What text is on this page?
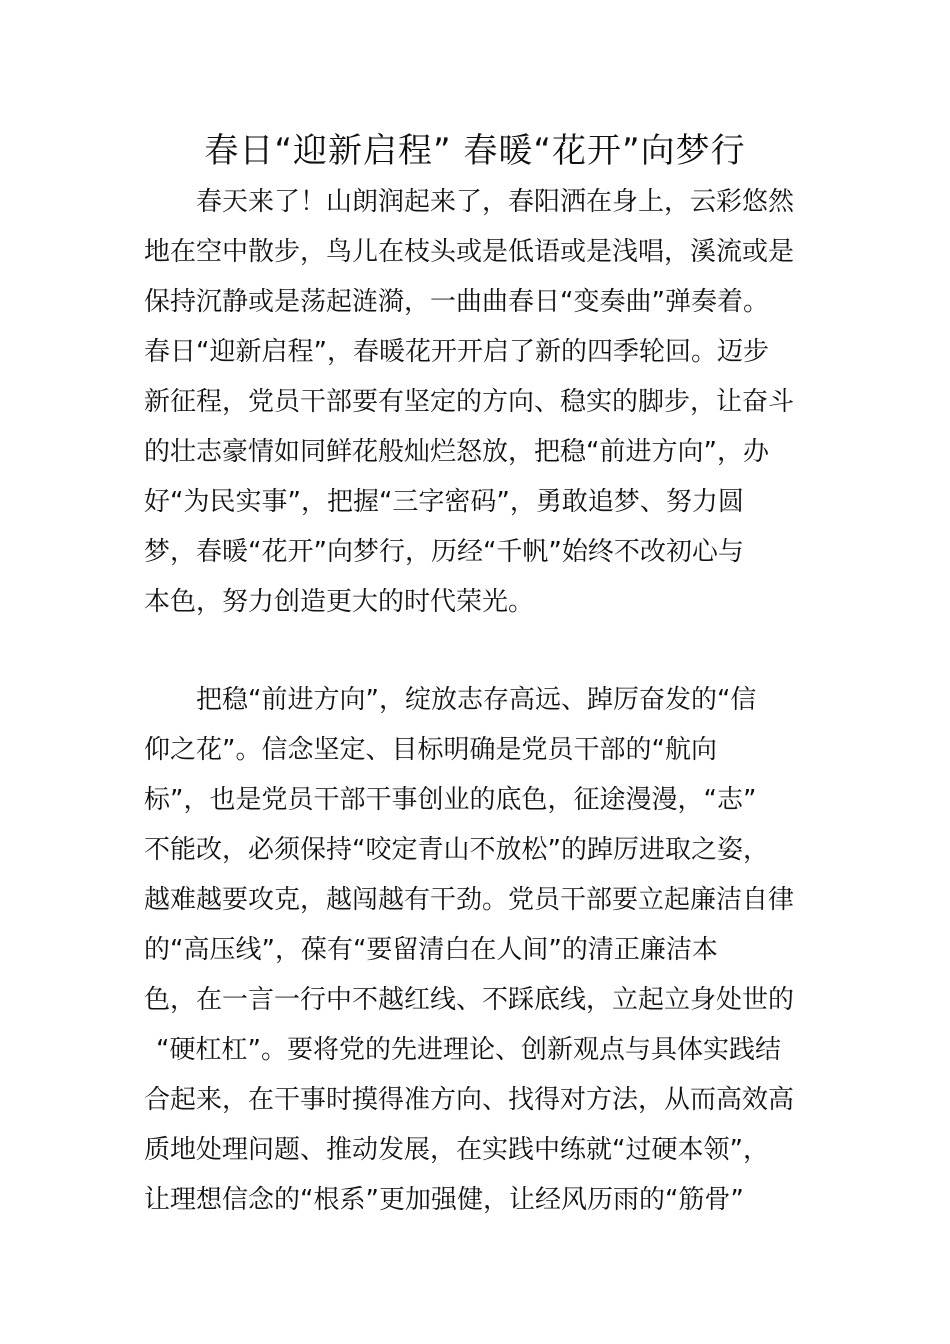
春日“迎新启程” 春暖“花开”向梦行

春天来了！山朗润起来了，春阳洒在身上，云彩悠然

地在空中散步，鸟儿在枝头或是低语或是浅唱，溪流或是

保持沉静或是荡起涟漪，一曲曲春日“变奏曲”弹奏着。

春日“迎新启程”，春暖花开开启了新的四季轮回。迈步

新征程，党员干部要有坚定的方向、稳实的脚步，让奋斗

的壮志豪情如同鲜花般灿烂怒放，把稳“前进方向”，办

好“为民实事”，把握“三字密码”，勇敢追梦、努力圆

梦，春暖“花开”向梦行，历经“千帆”始终不改初心与

本色，努力创造更大的时代荣光。

把稳“前进方向”，绽放志存高远、踔厉奋发的“信

仰之花”。信念坚定、目标明确是党员干部的“航向

标”，也是党员干部干事创业的底色，征途漫漫，“志”

不能改，必须保持“咬定青山不放松”的踔厉进取之姿，

越难越要攻克，越闯越有干劲。党员干部要立起廉洁自律

的“高压线”，葆有“要留清白在人间”的清正廉洁本

色，在一言一行中不越红线、不踩底线，立起立身处世的

“硬杠杠”。要将党的先进理论、创新观点与具体实践结

合起来，在干事时摸得准方向、找得对方法，从而高效高

质地处理问题、推动发展，在实践中练就“过硬本领”，

让理想信念的“根系”更加强健，让经风历雨的“筋骨”
